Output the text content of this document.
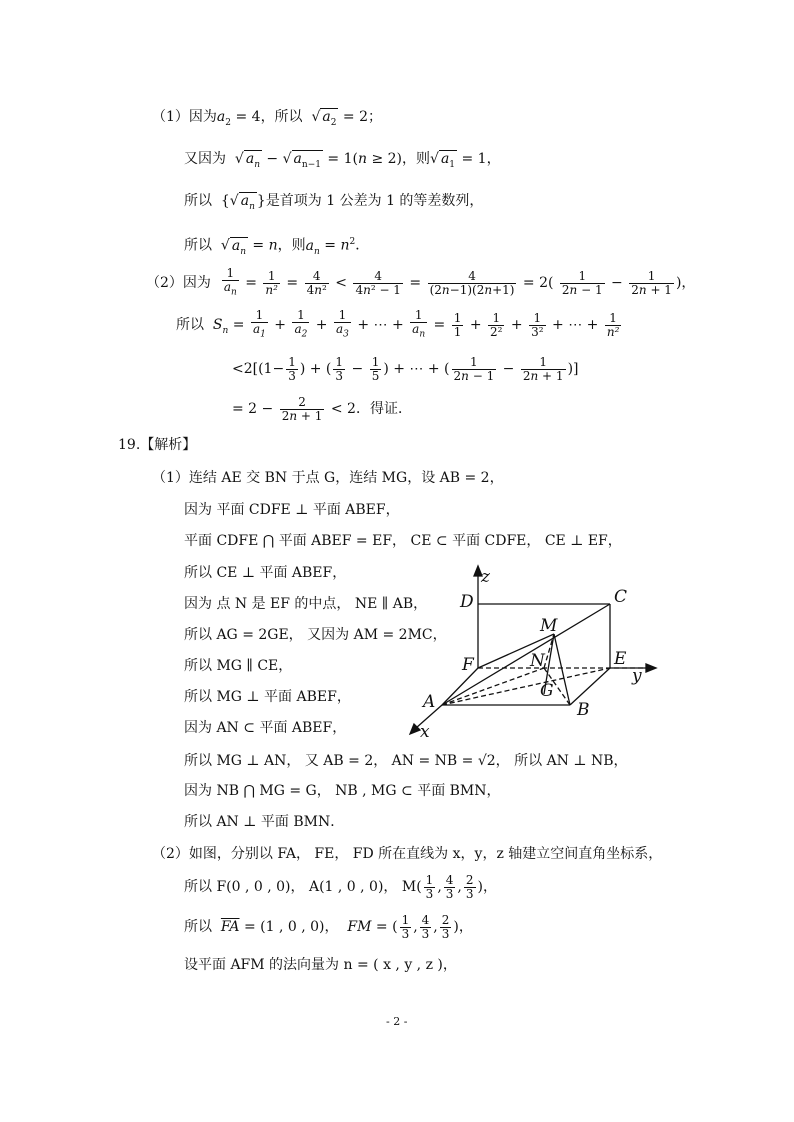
（1）因为$a_2 = 4$，所以  √ $a_2 = 2$；
又因为  √ $a_n$ − √ $a_{n-1} = 1(n \ge 2)$，则√ $a_1 = 1$，
所以  {√ $a_n$ }是首项为 1 公差为 1 的等差数列，
所以  √ $a_n = n$，则$a_n = n^2$．
（2）因为 $\frac{1}{a_n} = \frac{1}{\text{n²}} = \frac{4}{\text{4n²}} < \frac{4}{\text{4n² − 1}} = \frac{4}{(2n-1)(2n+1)} = 2( \frac{1}{2n - 1} - \frac{1}{2n + 1}$ )，
所以 $S_n = \frac{1}{a_1} + \frac{1}{a_2} + \frac{1}{a_3}$ + ⋯ + $\frac{1}{a_n} = \frac{1}{1} + \frac{1}{\text{2²}} + \frac{1}{\text{3²}}$ + ⋯ + $\frac{1}{\text{n²}}$
$<2[(1- \frac{1}{3}$ ) + ( $\frac{1}{3} - \frac{1}{5}$ ) + ⋯ + ( $\frac{1}{2n - 1} - \frac{1}{2n + 1}$ )]
= $2 - \frac{2}{2n + 1} < 2$．得证．
19.【解析】
（1）连结 AE 交 BN 于点 G，连结 MG，设 AB = 2，
因为 平面 CDFE ⊥ 平面 ABEF，
平面 CDFE ⋂ 平面 ABEF = EF， CE ⊂ 平面 CDFE， CE ⊥ EF，
所以 CE ⊥ 平面 ABEF，
因为 点 N 是 EF 的中点， NE ∥ AB，
所以 AG = 2GE， 又因为 AM = 2MC，
所以 MG ∥ CE，
所以 MG ⊥ 平面 ABEF，
因为 AN ⊂ 平面 ABEF，
所以 MG ⊥ AN， 又 AB = 2， AN = NB = √2， 所以 AN ⊥ NB，
因为 NB ⋂ MG = G， NB , MG ⊂ 平面 BMN，
所以 AN ⊥ 平面 BMN．
（2）如图，分别以 FA， FE， FD 所在直线为 x，y，z 轴建立空间直角坐标系，
所以 F(0 , 0 , 0)， A(1 , 0 , 0)， $M( \frac{1}{3}$ , $\frac{4}{3}$ , $\frac{2}{3}$ )，
所以 $\overline{FA} = (1$ , 0 , 0)，  FM = ( $\frac{1}{3}$ , $\frac{4}{3}$ , $\frac{2}{3}$ )，
设平面 AFM 的法向量为 n = ( x , y , z )，
z
D	C
M
N	E
F
y
G
A	B
x
- 2 -
